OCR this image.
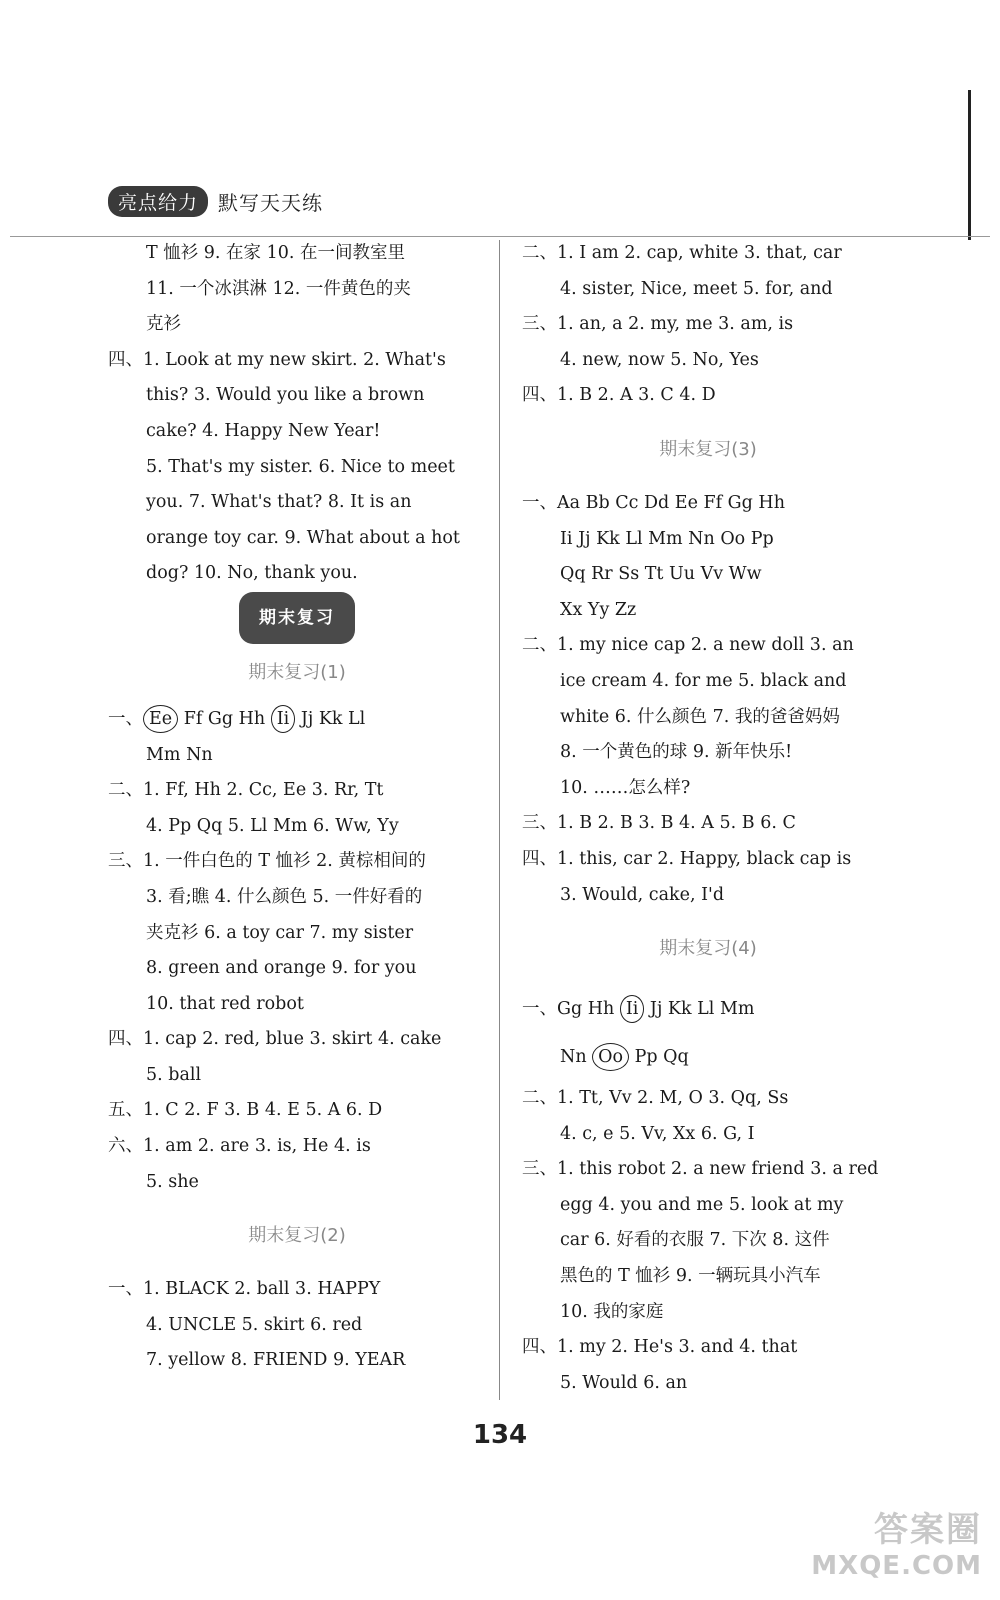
亮点给力	默写天天练

T 恤衫 9. 在家 10. 在一间教室里

11. 一个冰淇淋 12. 一件黄色的夹

克衫

四、1. Look at my new skirt. 2. What's

this? 3. Would you like a brown

cake? 4. Happy New Year!

5. That's my sister. 6. Nice to meet

you. 7. What's that? 8. It is an

orange toy car. 9. What about a hot

dog? 10. No, thank you.

期末复习

期末复习(1)

一、 Ee Ff Gg Hh Ii Jj Kk Ll

Mm Nn

二、1. Ff, Hh 2. Cc, Ee 3. Rr, Tt

4. Pp Qq 5. Ll Mm 6. Ww, Yy

三、1. 一件白色的 T 恤衫 2. 黄棕相间的

3. 看;瞧 4. 什么颜色 5. 一件好看的

夹克衫 6. a toy car 7. my sister

8. green and orange 9. for you

10. that red robot

四、1. cap 2. red, blue 3. skirt 4. cake

5. ball

五、1. C 2. F 3. B 4. E 5. A 6. D

六、1. am 2. are 3. is, He 4. is

5. she

期末复习(2)

一、1. BLACK 2. ball 3. HAPPY

4. UNCLE 5. skirt 6. red

7. yellow 8. FRIEND 9. YEAR

二、1. I am 2. cap, white 3. that, car

4. sister, Nice, meet 5. for, and

三、1. an, a 2. my, me 3. am, is

4. new, now 5. No, Yes

四、1. B 2. A 3. C 4. D

期末复习(3)

一、Aa Bb Cc Dd Ee Ff Gg Hh

Ii Jj Kk Ll Mm Nn Oo Pp

Qq Rr Ss Tt Uu Vv Ww

Xx Yy Zz

二、1. my nice cap 2. a new doll 3. an

ice cream 4. for me 5. black and

white 6. 什么颜色 7. 我的爸爸妈妈

8. 一个黄色的球 9. 新年快乐!

10. ……怎么样?

三、1. B 2. B 3. B 4. A 5. B 6. C

四、1. this, car 2. Happy, black cap is

3. Would, cake, I'd

期末复习(4)

一、Gg Hh Ii Jj Kk Ll Mm

Nn Oo Pp Qq

二、1. Tt, Vv 2. M, O 3. Qq, Ss

4. c, e 5. Vv, Xx 6. G, I

三、1. this robot 2. a new friend 3. a red

egg 4. you and me 5. look at my

car 6. 好看的衣服 7. 下次 8. 这件

黑色的 T 恤衫 9. 一辆玩具小汽车

10. 我的家庭

四、1. my 2. He's 3. and 4. that

5. Would 6. an

134
答案圈
MXQE.COM
